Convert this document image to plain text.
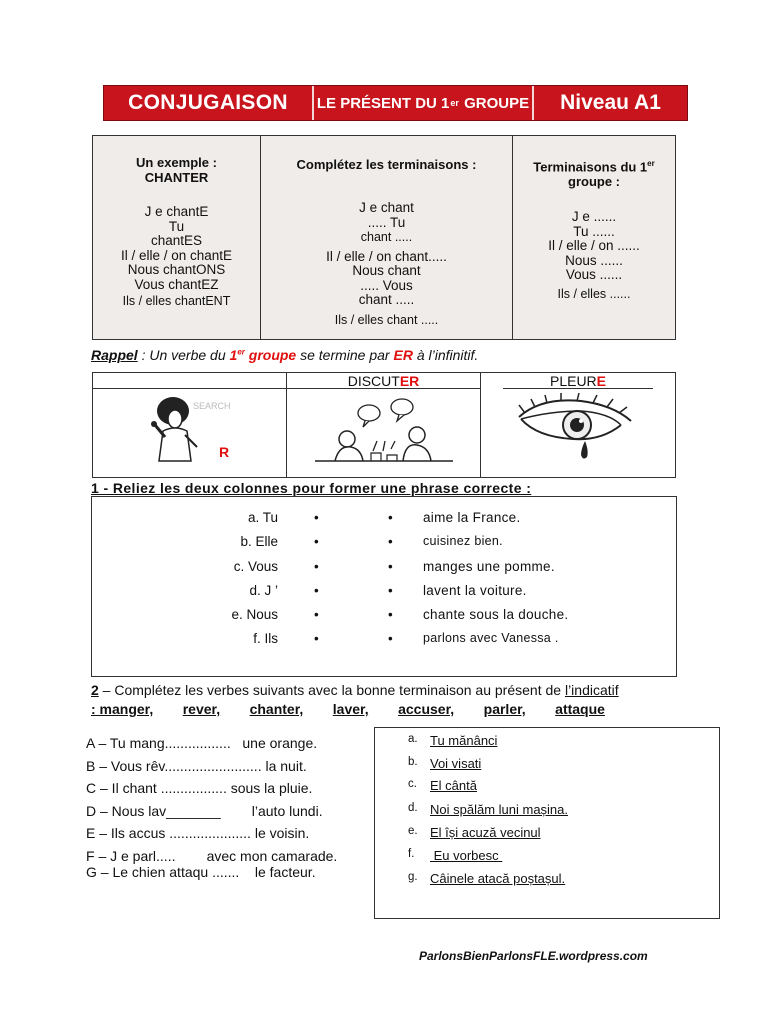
CONJUGAISON	LE PRÉSENT DU 1 er
GROUPE	Niveau A1
Un exemple :
CHANTER
J e chantE
Tu
chantES
Il / elle / on chantE
Nous chantONS
Vous chantEZ
Ils / elles chantENT
Complétez les terminaisons :
J e chant
..... Tu
chant .....
Il / elle / on chant.....
Nous chant
..... Vous
chant .....
Ils / elles chant .....
Terminaisons du 1er
groupe :
J e ......
Tu ......
Il / elle / on ......
Nous ......
Vous ......
Ils / elles ......
Rappel : Un verbe du 1er groupe se termine par ER à l’infinitif.
SEARCH
R
DISCUTER	PLEURE
1 - Reliez les deux colonnes pour former une phrase correcte :
a. Tu	•	• aime la France.
b. Elle	•	• cuisinez bien.
c. Vous	•	• manges une pomme.
d. J ’	•	• lavent la voiture.
e. Nous	•	• chante sous la douche.
f. Ils	•	• parlons avec Vanessa .
2 – Complétez les verbes suivants avec la bonne terminaison au présent de l’indicatif
: manger, rever, chanter, laver, accuser, parler, attaque
A – Tu mang.................   une orange.
B – Vous rêv......................... la nuit.
C – Il chant ................. sous la pluie.
D – Nous lav_______        l’auto lundi.
E – Ils accus ..................... le voisin.
F – J e parl.....        avec mon camarade.
G – Le chien attaqu .......    le facteur.
a. Tu mănânci
b. Voi visati
c. El cântă
d. Noi spălăm luni mașina.
e. El își acuză vecinul
f. Eu vorbesc
g. Câinele atacă poștașul.
ParlonsBienParlonsFLE.wordpress.com
